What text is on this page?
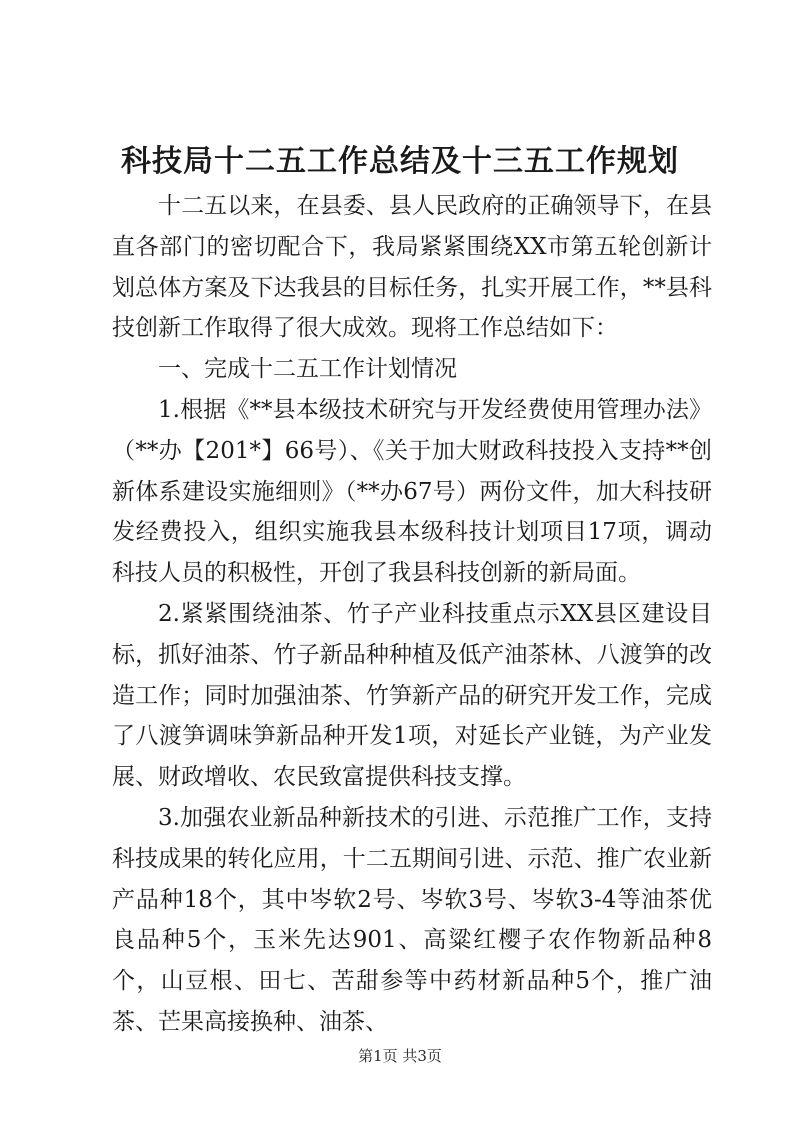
科技局十二五工作总结及十三五工作规划

十二五以来，在县委、县人民政府的正确领导下，在县直各部门的密切配合下，我局紧紧围绕XX市第五轮创新计划总体方案及下达我县的目标任务，扎实开展工作，**县科技创新工作取得了很大成效。现将工作总结如下：

一、完成十二五工作计划情况

1.根据《**县本级技术研究与开发经费使用管理办法》（**办【201*】66号）、《关于加大财政科技投入支持**创新体系建设实施细则》（**办67号）两份文件，加大科技研发经费投入，组织实施我县本级科技计划项目17项，调动科技人员的积极性，开创了我县科技创新的新局面。

2.紧紧围绕油茶、竹子产业科技重点示XX县区建设目标，抓好油茶、竹子新品种种植及低产油茶林、八渡笋的改造工作；同时加强油茶、竹笋新产品的研究开发工作，完成了八渡笋调味笋新品种开发1项，对延长产业链，为产业发展、财政增收、农民致富提供科技支撑。

3.加强农业新品种新技术的引进、示范推广工作，支持科技成果的转化应用，十二五期间引进、示范、推广农业新产品种18个，其中岑软2号、岑软3号、岑软3-4等油茶优良品种5个，玉米先达901、高粱红樱子农作物新品种8个，山豆根、田七、苦甜参等中药材新品种5个，推广油茶、芒果高接换种、油茶、

第1页 共3页
